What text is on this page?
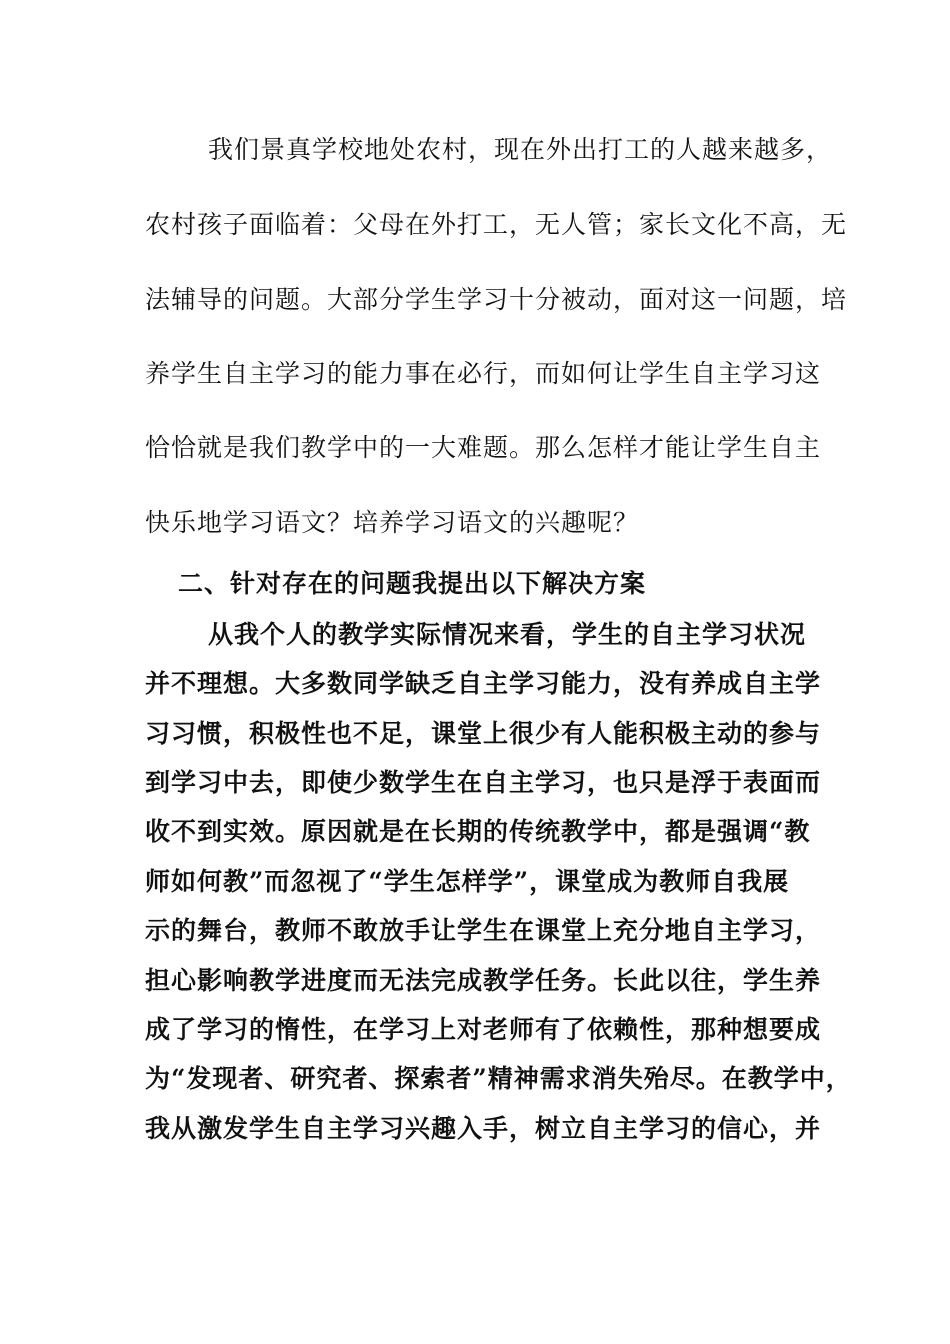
我们景真学校地处农村，现在外出打工的人越来越多，
农村孩子面临着：父母在外打工，无人管；家长文化不高，无
法辅导的问题。大部分学生学习十分被动，面对这一问题，培
养学生自主学习的能力事在必行，而如何让学生自主学习这
恰恰就是我们教学中的一大难题。那么怎样才能让学生自主
快乐地学习语文？培养学习语文的兴趣呢？
二、针对存在的问题我提出以下解决方案
从我个人的教学实际情况来看，学生的自主学习状况
并不理想。大多数同学缺乏自主学习能力，没有养成自主学
习习惯，积极性也不足，课堂上很少有人能积极主动的参与
到学习中去，即使少数学生在自主学习，也只是浮于表面而
收不到实效。原因就是在长期的传统教学中，都是强调“教
师如何教”而忽视了“学生怎样学”，课堂成为教师自我展
示的舞台，教师不敢放手让学生在课堂上充分地自主学习，
担心影响教学进度而无法完成教学任务。长此以往，学生养
成了学习的惰性，在学习上对老师有了依赖性，那种想要成
为“发现者、研究者、探索者”精神需求消失殆尽。在教学中，
我从激发学生自主学习兴趣入手，树立自主学习的信心，并
